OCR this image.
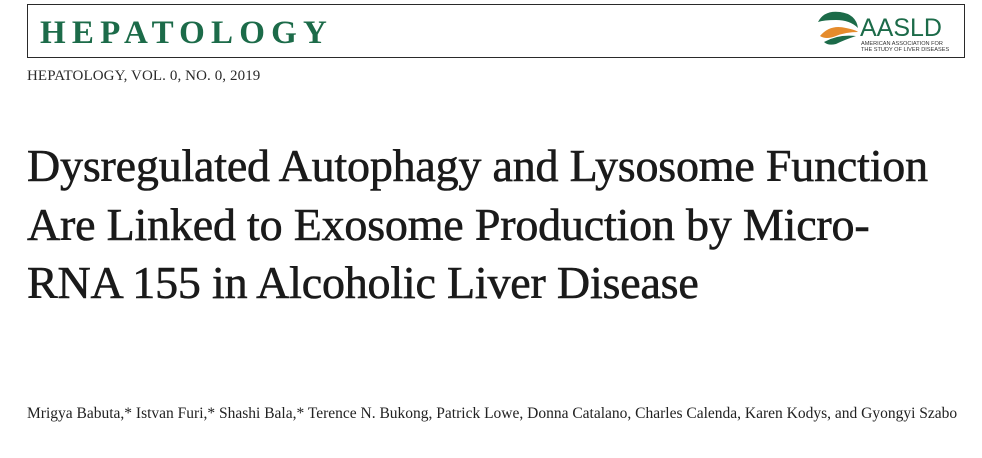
HEPATOLOGY	AASLD
AMERICAN ASSOCIATION FOR
THE STUDY OF LIVER DISEASES
HEPATOLOGY, VOL. 0, NO. 0, 2019
Dysregulated Autophagy and Lysosome Function Are Linked to Exosome Production by Micro-RNA 155 in Alcoholic Liver Disease
Mrigya Babuta,* Istvan Furi,* Shashi Bala,* Terence N. Bukong, Patrick Lowe, Donna Catalano, Charles Calenda, Karen Kodys, and Gyongyi Szabo
